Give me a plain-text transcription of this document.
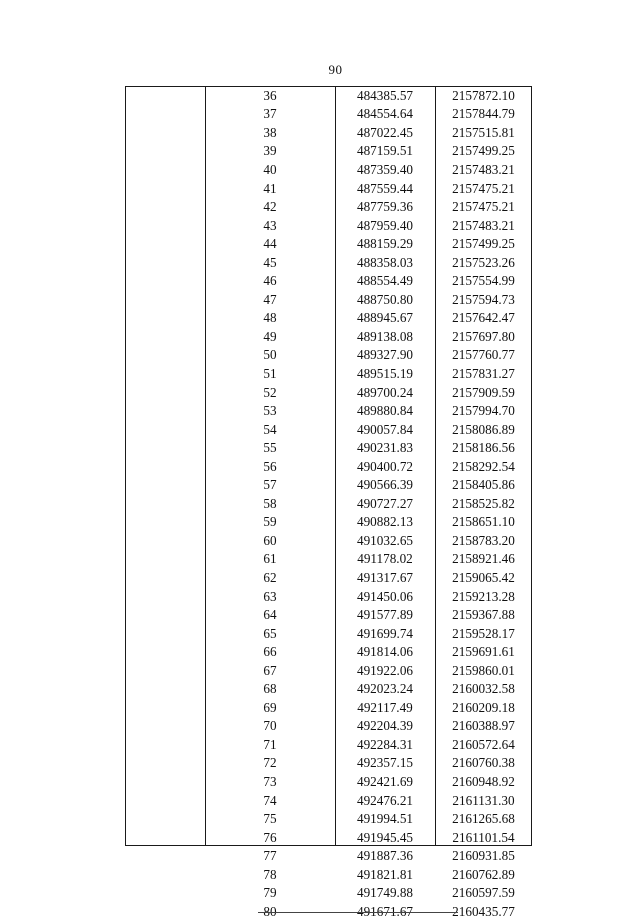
90
	36	484385.57	2157872.10
	37	484554.64	2157844.79
	38	487022.45	2157515.81
	39	487159.51	2157499.25
	40	487359.40	2157483.21
	41	487559.44	2157475.21
	42	487759.36	2157475.21
	43	487959.40	2157483.21
	44	488159.29	2157499.25
	45	488358.03	2157523.26
	46	488554.49	2157554.99
	47	488750.80	2157594.73
	48	488945.67	2157642.47
	49	489138.08	2157697.80
	50	489327.90	2157760.77
	51	489515.19	2157831.27
	52	489700.24	2157909.59
	53	489880.84	2157994.70
	54	490057.84	2158086.89
	55	490231.83	2158186.56
	56	490400.72	2158292.54
	57	490566.39	2158405.86
	58	490727.27	2158525.82
	59	490882.13	2158651.10
	60	491032.65	2158783.20
	61	491178.02	2158921.46
	62	491317.67	2159065.42
	63	491450.06	2159213.28
	64	491577.89	2159367.88
	65	491699.74	2159528.17
	66	491814.06	2159691.61
	67	491922.06	2159860.01
	68	492023.24	2160032.58
	69	492117.49	2160209.18
	70	492204.39	2160388.97
	71	492284.31	2160572.64
	72	492357.15	2160760.38
	73	492421.69	2160948.92
	74	492476.21	2161131.30
	75	491994.51	2161265.68
	76	491945.45	2161101.54
	77	491887.36	2160931.85
	78	491821.81	2160762.89
	79	491749.88	2160597.59
	80	491671.67	2160435.77
